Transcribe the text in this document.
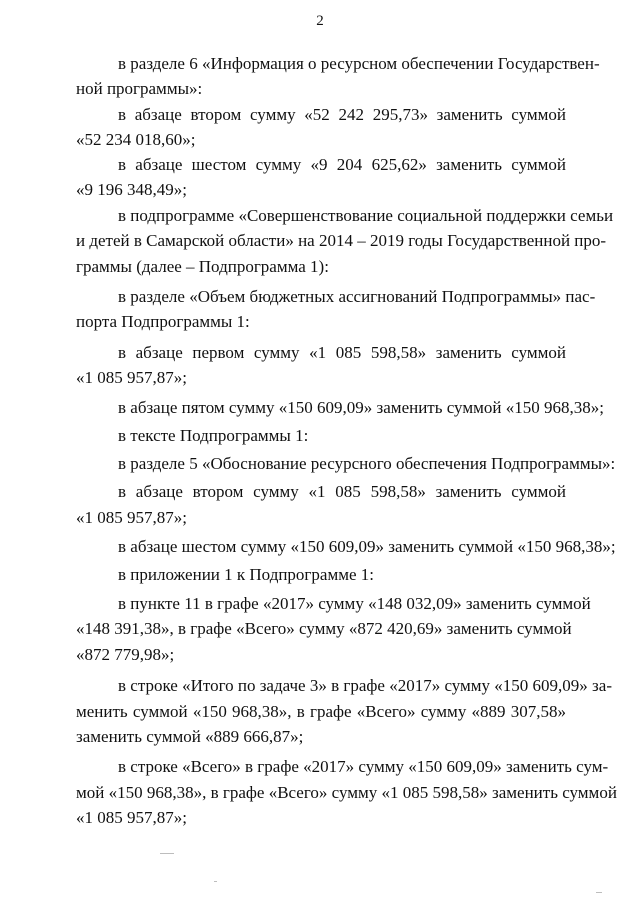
2
в разделе 6 «Информация о ресурсном обеспечении Государствен-
ной программы»:
в абзаце втором сумму «52 242 295,73» заменить суммой
«52 234 018,60»;
в абзаце шестом сумму «9 204 625,62» заменить суммой
«9 196 348,49»;
в подпрограмме «Совершенствование социальной поддержки семьи
и детей в Самарской области» на 2014 – 2019 годы Государственной про-
граммы (далее – Подпрограмма 1):
в разделе «Объем бюджетных ассигнований Подпрограммы» пас-
порта Подпрограммы 1:
в абзаце первом сумму «1 085 598,58» заменить суммой
«1 085 957,87»;
в абзаце пятом сумму «150 609,09» заменить суммой «150 968,38»;
в тексте Подпрограммы 1:
в разделе 5 «Обоснование ресурсного обеспечения Подпрограммы»:
в абзаце втором сумму «1 085 598,58» заменить суммой
«1 085 957,87»;
в абзаце шестом сумму «150 609,09» заменить суммой «150 968,38»;
в приложении 1 к Подпрограмме 1:
в пункте 11 в графе «2017» сумму «148 032,09» заменить суммой
«148 391,38», в графе «Всего» сумму «872 420,69» заменить суммой
«872 779,98»;
в строке «Итого по задаче 3» в графе «2017» сумму «150 609,09» за-
менить суммой «150 968,38», в графе «Всего» сумму «889 307,58»
заменить суммой «889 666,87»;
в строке «Всего» в графе «2017» сумму «150 609,09» заменить сум-
мой «150 968,38», в графе «Всего» сумму «1 085 598,58» заменить суммой
«1 085 957,87»;
